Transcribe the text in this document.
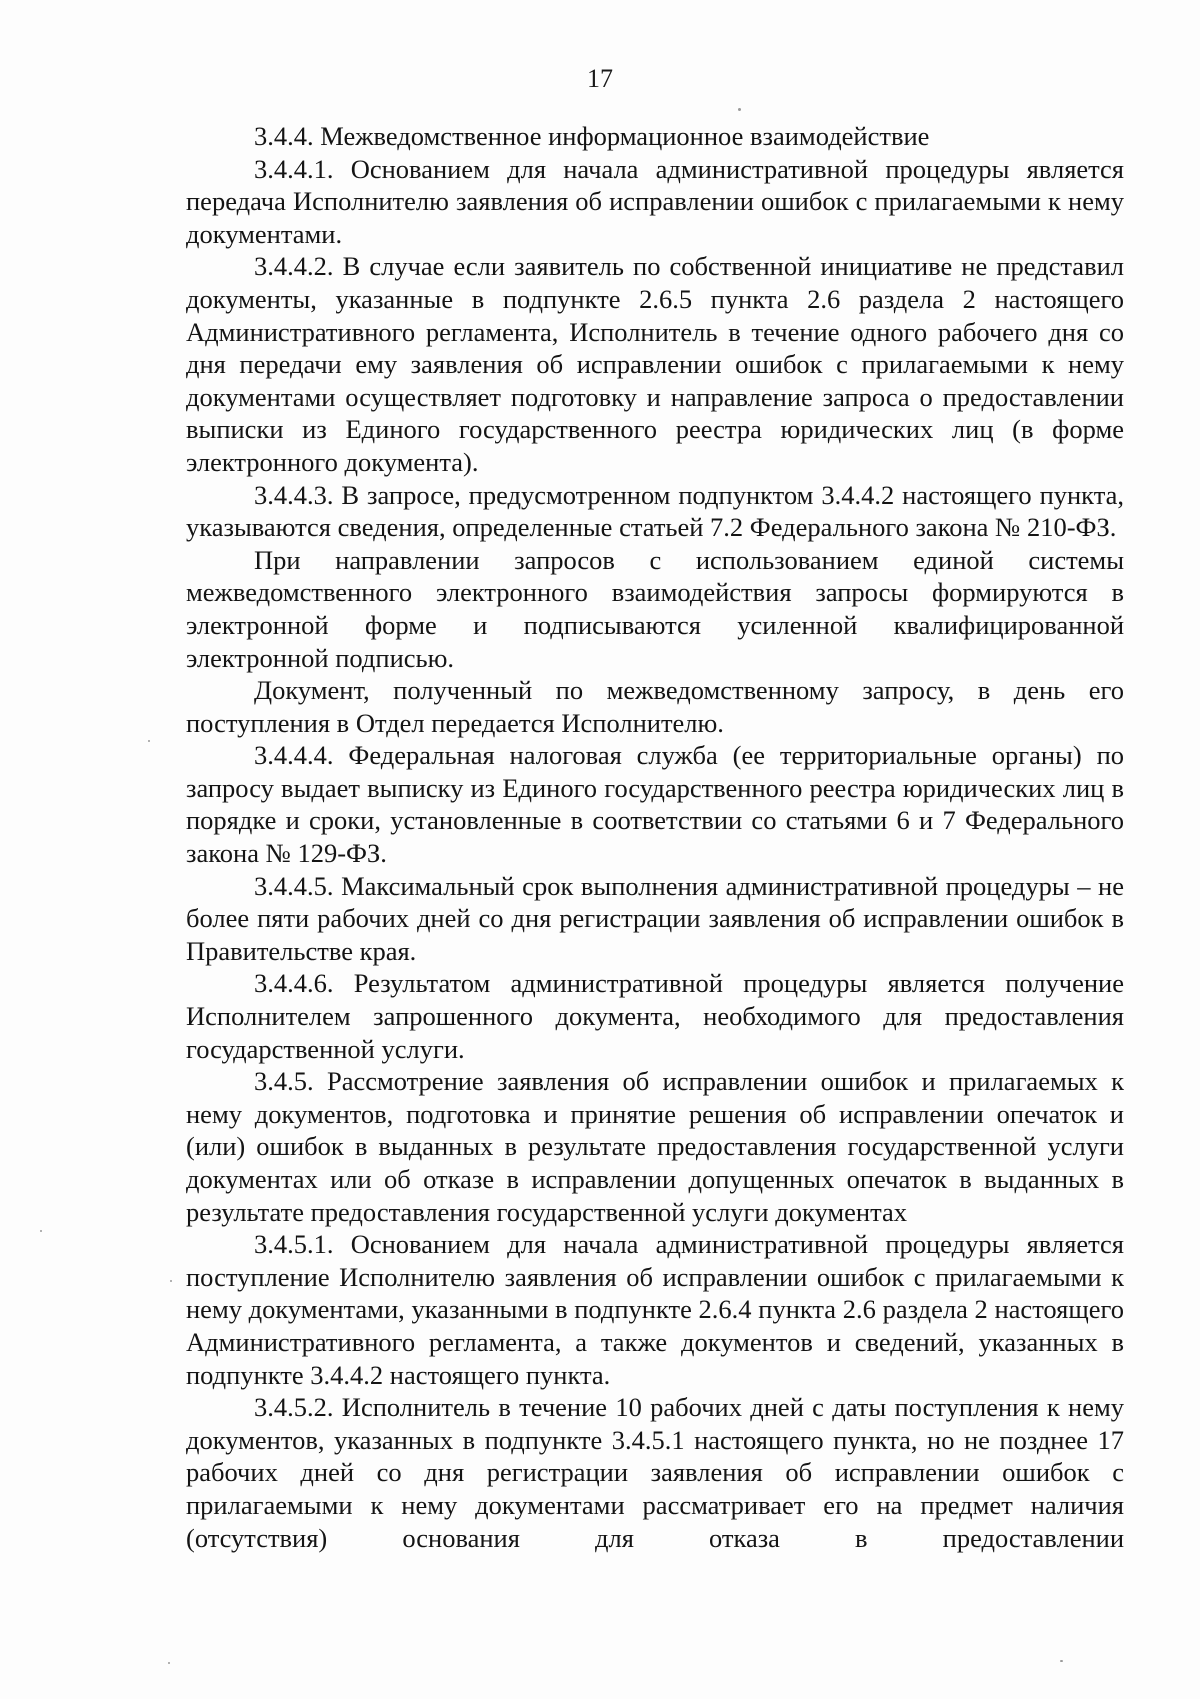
17

3.4.4. Межведомственное информационное взаимодействие

3.4.4.1. Основанием для начала административной процедуры является передача Исполнителю заявления об исправлении ошибок с прилагаемыми к нему документами.

3.4.4.2. В случае если заявитель по собственной инициативе не представил документы, указанные в подпункте 2.6.5 пункта 2.6 раздела 2 настоящего Административного регламента, Исполнитель в течение одного рабочего дня со дня передачи ему заявления об исправлении ошибок с прилагаемыми к нему документами осуществляет подготовку и направление запроса о предоставлении выписки из Единого государственного реестра юридических лиц (в форме электронного документа).

3.4.4.3. В запросе, предусмотренном подпунктом 3.4.4.2 настоящего пункта, указываются сведения, определенные статьей 7.2 Федерального закона № 210-ФЗ.

При направлении запросов с использованием единой системы межведомственного электронного взаимодействия запросы формируются в электронной форме и подписываются усиленной квалифицированной электронной подписью.

Документ, полученный по межведомственному запросу, в день его поступления в Отдел передается Исполнителю.

3.4.4.4. Федеральная налоговая служба (ее территориальные органы) по запросу выдает выписку из Единого государственного реестра юридических лиц в порядке и сроки, установленные в соответствии со статьями 6 и 7 Федерального закона № 129-ФЗ.

3.4.4.5. Максимальный срок выполнения административной процедуры – не более пяти рабочих дней со дня регистрации заявления об исправлении ошибок в Правительстве края.

3.4.4.6. Результатом административной процедуры является получение Исполнителем запрошенного документа, необходимого для предоставления государственной услуги.

3.4.5. Рассмотрение заявления об исправлении ошибок и прилагаемых к нему документов, подготовка и принятие решения об исправлении опечаток и (или) ошибок в выданных в результате предоставления государственной услуги документах или об отказе в исправлении допущенных опечаток в выданных в результате предоставления государственной услуги документах

3.4.5.1. Основанием для начала административной процедуры является поступление Исполнителю заявления об исправлении ошибок с прилагаемыми к нему документами, указанными в подпункте 2.6.4 пункта 2.6 раздела 2 настоящего Административного регламента, а также документов и сведений, указанных в подпункте 3.4.4.2 настоящего пункта.

3.4.5.2. Исполнитель в течение 10 рабочих дней с даты поступления к нему документов, указанных в подпункте 3.4.5.1 настоящего пункта, но не позднее 17 рабочих дней со дня регистрации заявления об исправлении ошибок с прилагаемыми к нему документами рассматривает его на предмет наличия (отсутствия) основания для отказа в предоставлении
